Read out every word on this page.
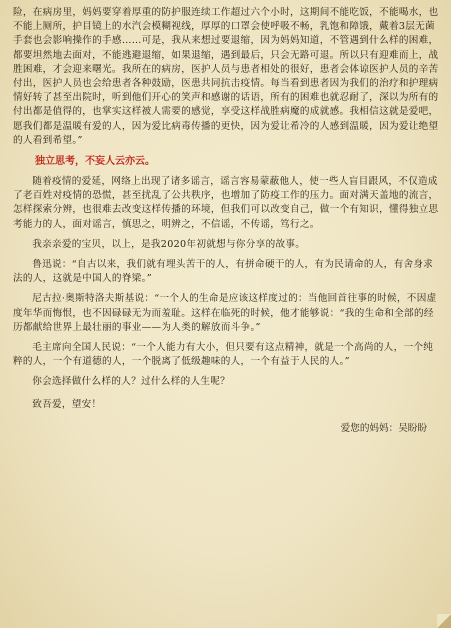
险，在病房里，妈妈要穿着厚重的防护服连续工作超过六个小时，这期间不能吃饭，不能喝水，也不能上厕所，护目镜上的水汽会模糊视线，厚厚的口罩会使呼吸不畅，乳饱和障饿，戴着3层无菌手套也会影响操作的手感……可是，我从来想过要退缩，因为妈妈知道，不管遇到什么样的困难，都要坦然地去面对，不能逃避退缩，如果退缩，遇到最后，只会无路可退。所以只有迎难而上，战胜困难，才会迎来曙光。我所在的病房，医护人员与患者相处的很好，患者会体谅医护人员的辛苦付出，医护人员也会给患者各种鼓励，医患共同抗击疫情。每当看到患者因为我们的治疗和护理病情好转了甚至出院时，听到他们开心的笑声和感谢的话语，所有的困难也就忍耐了，深以为所有的付出都是值得的，也掌实这样被人需要的感觉，享受这样战胜病魔的成就感。我相信这就是爱吧，愿我们都是温暖有爱的人，因为爱比病毒传播的更快，因为爱让希冷的人感到温暖，因为爱让绝望的人看到希望。”

独立思考，不妄人云亦云。

随着疫情的爱延，网络上出现了诸多谣言，谣言容易蒙蔽他人，使一些人盲目跟风，不仅造成了老百姓对疫情的恐慌，甚至扰乱了公共秩序，也增加了防疫工作的压力。面对满天盖地的流言，怎样探索分辨，也很难去改变这样传播的环境，但我们可以改变自己，做一个有知识，懂得独立思考能力的人，面对谣言，慎思之，明辨之，不信谣，不传谣，笃行之。

我亲亲爱的宝贝，以上，是我2020年初就想与你分享的故事。

鲁迅说：“自古以来，我们就有埋头苦干的人，有拼命硬干的人，有为民请命的人，有舍身求法的人，这就是中国人的脊梁。”

尼古拉·奥斯特洛夫斯基说：“一个人的生命是应该这样度过的：当他回首往事的时候，不因虚度年华而悔恨，也不因碌碌无为而羞耻。这样在临死的时候，他才能够说：“我的生命和全部的经历都献给世界上最壮丽的事业——为人类的解放而斗争。”

毛主席向全国人民说：“一个人能力有大小，但只要有这点精神，就是一个高尚的人，一个纯粹的人，一个有道德的人，一个脱离了低级趣味的人，一个有益于人民的人。”

你会选择做什么样的人？过什么样的人生呢？

致吾爱，望安！

爱您的妈妈：吴盼盼
